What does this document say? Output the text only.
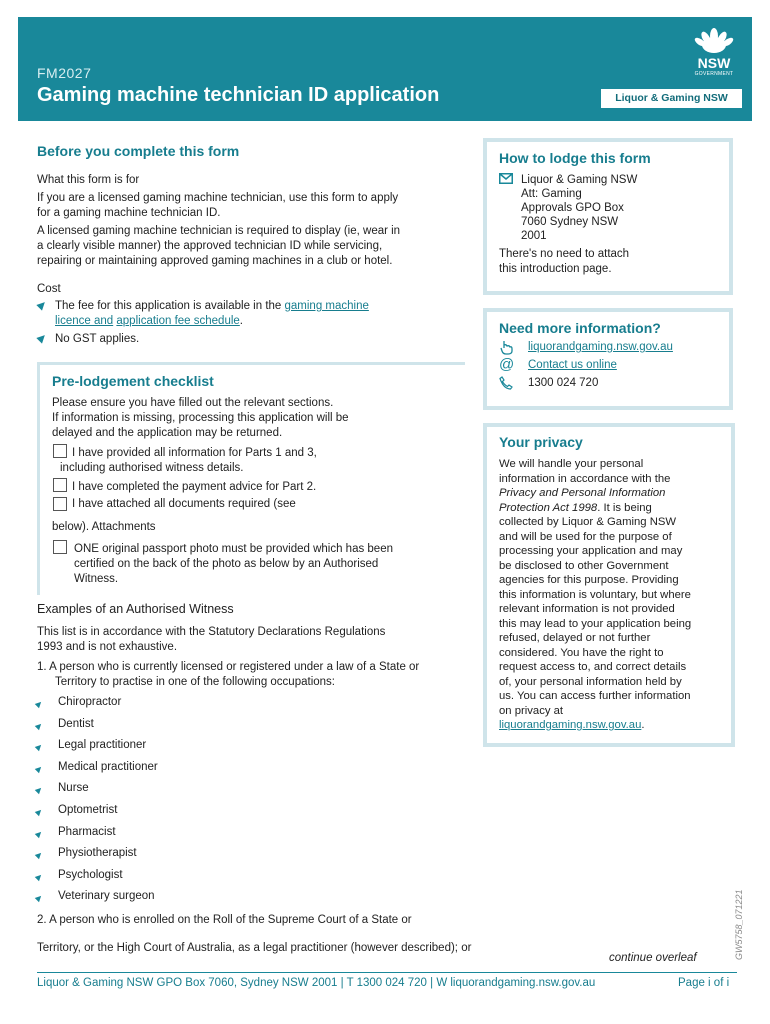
FM2027
Gaming machine technician ID application
NSW
GOVERNMENT
Liquor & Gaming NSW
Before you complete this form
What this form is for
If you are a licensed gaming machine technician, use this form to apply
for a gaming machine technician ID.
A licensed gaming machine technician is required to display (ie, wear in
a clearly visible manner) the approved technician ID while servicing,
repairing or maintaining approved gaming machines in a club or hotel.
Cost
The fee for this application is available in the gaming machine
licence and application fee schedule.
No GST applies.
Pre-lodgement checklist
Please ensure you have filled out the relevant sections.
If information is missing, processing this application will be
delayed and the application may be returned.
I have provided all information for Parts 1 and 3,
including authorised witness details.
I have completed the payment advice for Part 2.
I have attached all documents required (see
below). Attachments
ONE original passport photo must be provided which has been
certified on the back of the photo as below by an Authorised
Witness.
Examples of an Authorised Witness
This list is in accordance with the Statutory Declarations Regulations
1993 and is not exhaustive.
1. A person who is currently licensed or registered under a law of a State or
Territory to practise in one of the following occupations:
Chiropractor
Dentist
Legal practitioner
Medical practitioner
Nurse
Optometrist
Pharmacist
Physiotherapist
Psychologist
Veterinary surgeon
2. A person who is enrolled on the Roll of the Supreme Court of a State or
Territory, or the High Court of Australia, as a legal practitioner (however described); or
How to lodge this form
Liquor & Gaming NSW
Att: Gaming
Approvals GPO Box
7060 Sydney NSW
2001
There's no need to attach
this introduction page.
Need more information?
liquorandgaming.nsw.gov.au
@ Contact us online
1300 024 720
Your privacy
We will handle your personal
information in accordance with the
Privacy and Personal Information
Protection Act 1998. It is being
collected by Liquor & Gaming NSW
and will be used for the purpose of
processing your application and may
be disclosed to other Government
agencies for this purpose. Providing
this information is voluntary, but where
relevant information is not provided
this may lead to your application being
refused, delayed or not further
considered. You have the right to
request access to, and correct details
of, your personal information held by
us. You can access further information
on privacy at
liquorandgaming.nsw.gov.au.
continue overleaf	GW5758_071221
Liquor & Gaming NSW GPO Box 7060, Sydney NSW 2001 | T 1300 024 720 | W liquorandgaming.nsw.gov.au	Page i of i
